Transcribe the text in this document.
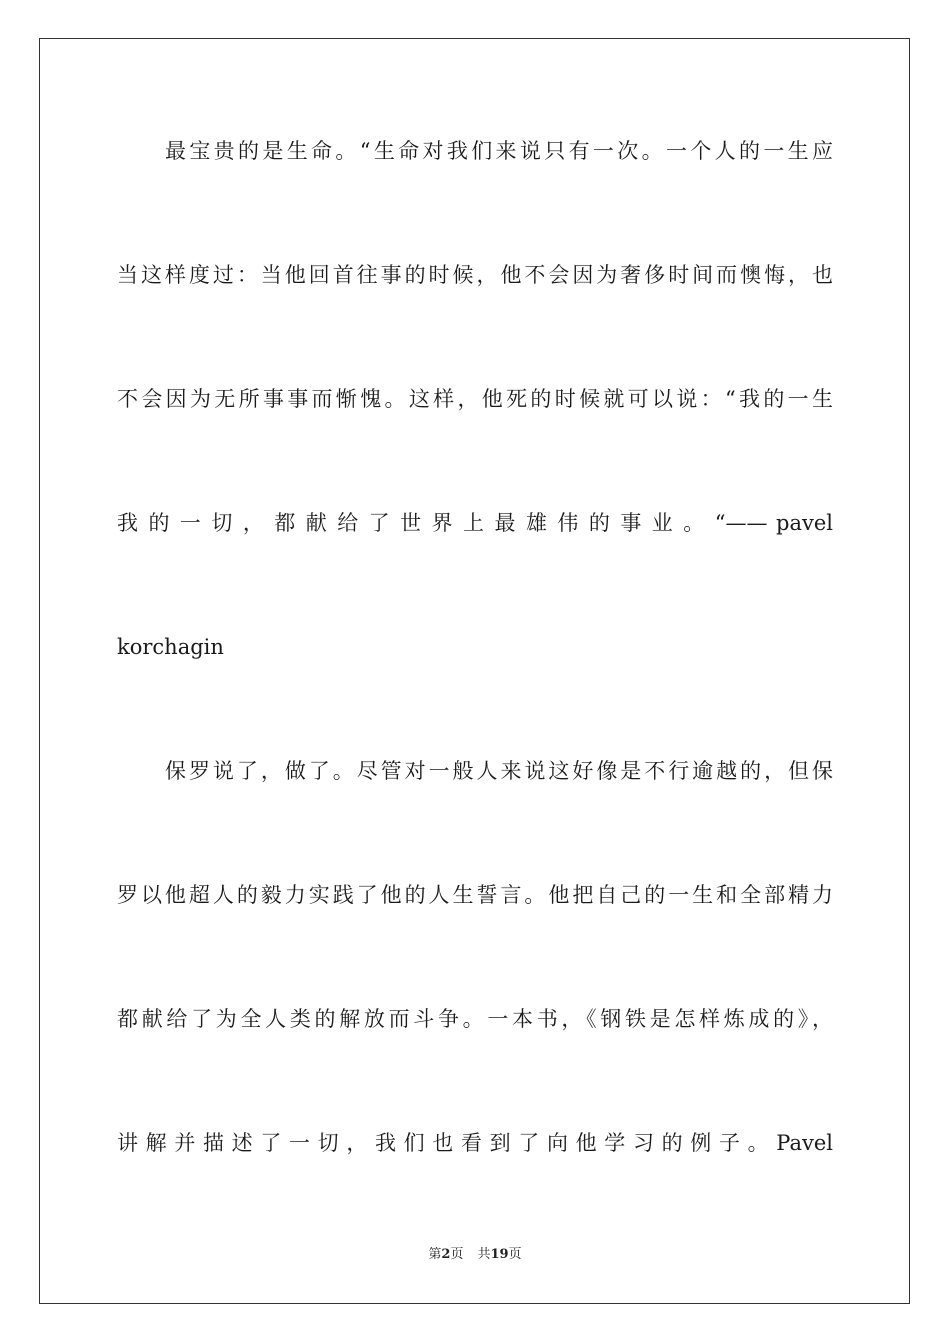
最宝贵的是生命。“生命对我们来说只有一次。一个人的一生应
当这样度过：当他回首往事的时候，他不会因为奢侈时间而懊悔，也
不会因为无所事事而惭愧。这样，他死的时候就可以说：“我的一生
我 的 一 切 ， 都 献 给 了 世 界 上 最 雄 伟 的 事 业 。 “—— pavel
korchagin
保罗说了，做了。尽管对一般人来说这好像是不行逾越的，但保
罗以他超人的毅力实践了他的人生誓言。他把自己的一生和全部精力
都献给了为全人类的解放而斗争。一本书，《钢铁是怎样炼成的》，
讲 解 并 描 述 了 一 切 ， 我 们 也 看 到 了 向 他 学 习 的 例 子 。 Pavel
第2页 共19页
